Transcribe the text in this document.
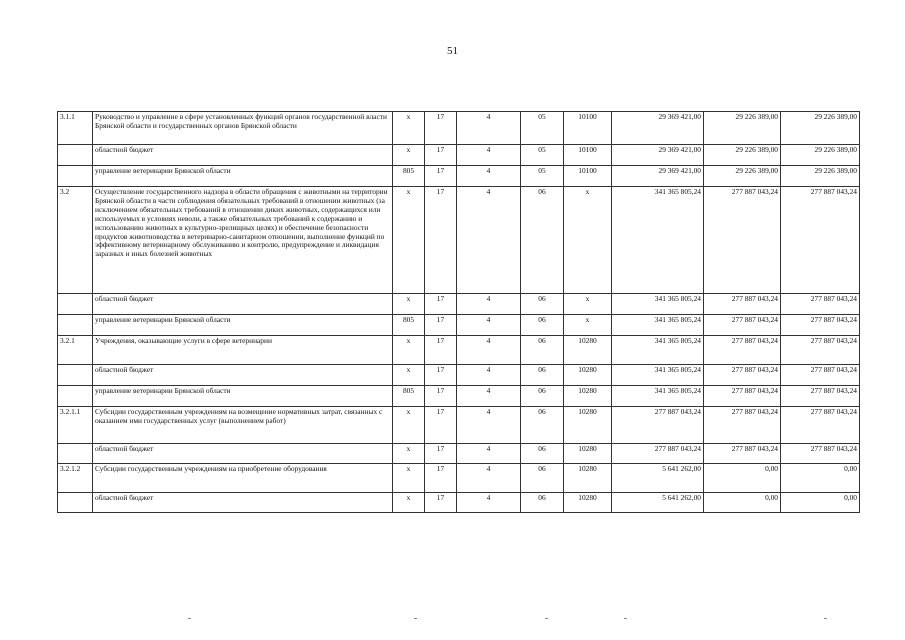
51
3.1.1	Руководство и управление в сфере установленных функций органов государственной власти Брянской области и государственных органов Брянской области	х	17	4	05	10100	29 369 421,00	29 226 389,00	29 226 389,00
	областной бюджет	х	17	4	05	10100	29 369 421,00	29 226 389,00	29 226 389,00
	управление ветеринарии Брянской области	805	17	4	05	10100	29 369 421,00	29 226 389,00	29 226 389,00
3.2	Осуществление государственного надзора в области обращения с животными на территории Брянской области в части соблюдения обязательных требований в отношении животных (за исключением обязательных требований в отношении диких животных, содержащихся или используемых в условиях неволи, а также обязательных требований к содержанию и использованию животных в культурно-зрелищных целях) и обеспечение безопасности продуктов животноводства в ветеринарно-санитарном отношении, выполнение функций по эффективному ветеринарному обслуживанию и контролю, предупреждение и ликвидация заразных и иных болезней животных	х	17	4	06	х	341 365 805,24	277 887 043,24	277 887 043,24
	областной бюджет	х	17	4	06	х	341 365 805,24	277 887 043,24	277 887 043,24
	управление ветеринарии Брянской области	805	17	4	06	х	341 365 805,24	277 887 043,24	277 887 043,24
3.2.1	Учреждения, оказывающие услуги в сфере ветеринарии	х	17	4	06	10280	341 365 805,24	277 887 043,24	277 887 043,24
	областной бюджет	х	17	4	06	10280	341 365 805,24	277 887 043,24	277 887 043,24
	управление ветеринарии Брянской области	805	17	4	06	10280	341 365 805,24	277 887 043,24	277 887 043,24
3.2.1.1	Субсидии государственным учреждениям на возмещение нормативных затрат, связанных с оказанием ими государственных услуг (выполнением работ)	х	17	4	06	10280	277 887 043,24	277 887 043,24	277 887 043,24
	областной бюджет	х	17	4	06	10280	277 887 043,24	277 887 043,24	277 887 043,24
3.2.1.2	Субсидии государственным учреждениям на приобретение оборудования	х	17	4	06	10280	5 641 262,00	0,00	0,00
	областной бюджет	х	17	4	06	10280	5 641 262,00	0,00	0,00
